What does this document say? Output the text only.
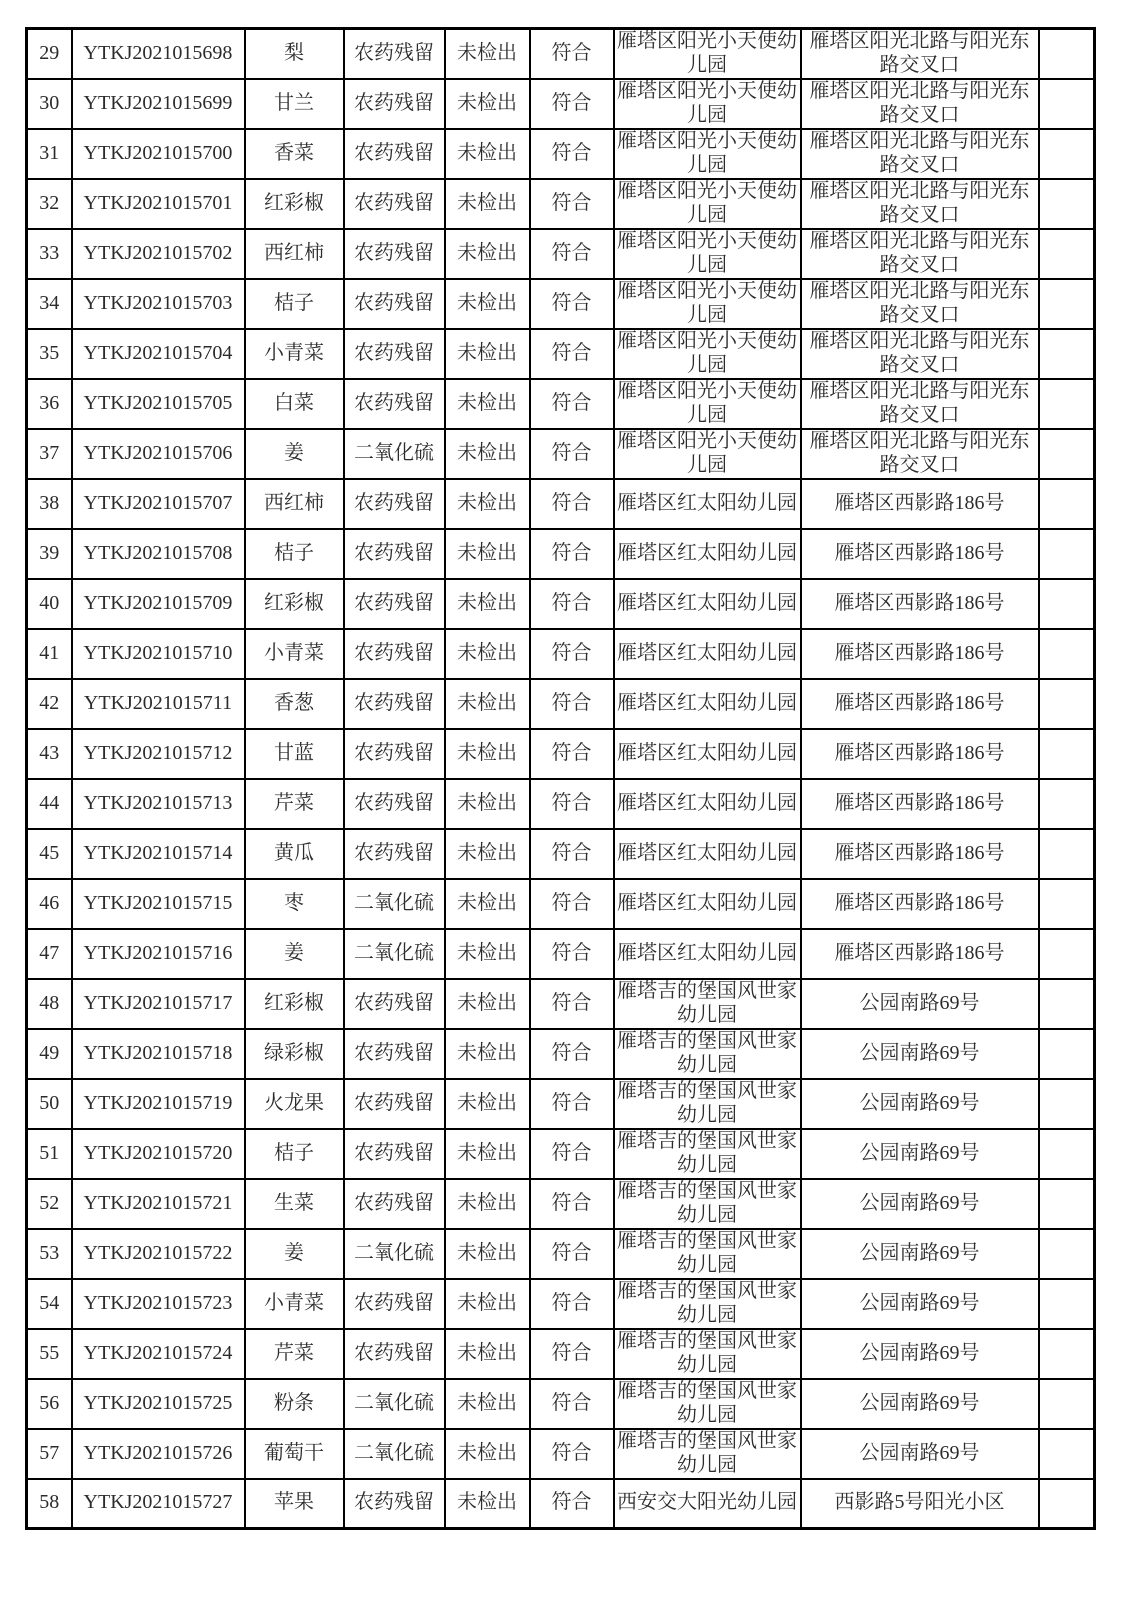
29	YTKJ2021015698	梨	农药残留	未检出	符合	雁塔区阳光小天使幼儿园	雁塔区阳光北路与阳光东路交叉口	
30	YTKJ2021015699	甘兰	农药残留	未检出	符合	雁塔区阳光小天使幼儿园	雁塔区阳光北路与阳光东路交叉口	
31	YTKJ2021015700	香菜	农药残留	未检出	符合	雁塔区阳光小天使幼儿园	雁塔区阳光北路与阳光东路交叉口	
32	YTKJ2021015701	红彩椒	农药残留	未检出	符合	雁塔区阳光小天使幼儿园	雁塔区阳光北路与阳光东路交叉口	
33	YTKJ2021015702	西红柿	农药残留	未检出	符合	雁塔区阳光小天使幼儿园	雁塔区阳光北路与阳光东路交叉口	
34	YTKJ2021015703	桔子	农药残留	未检出	符合	雁塔区阳光小天使幼儿园	雁塔区阳光北路与阳光东路交叉口	
35	YTKJ2021015704	小青菜	农药残留	未检出	符合	雁塔区阳光小天使幼儿园	雁塔区阳光北路与阳光东路交叉口	
36	YTKJ2021015705	白菜	农药残留	未检出	符合	雁塔区阳光小天使幼儿园	雁塔区阳光北路与阳光东路交叉口	
37	YTKJ2021015706	姜	二氧化硫	未检出	符合	雁塔区阳光小天使幼儿园	雁塔区阳光北路与阳光东路交叉口	
38	YTKJ2021015707	西红柿	农药残留	未检出	符合	雁塔区红太阳幼儿园	雁塔区西影路186号	
39	YTKJ2021015708	桔子	农药残留	未检出	符合	雁塔区红太阳幼儿园	雁塔区西影路186号	
40	YTKJ2021015709	红彩椒	农药残留	未检出	符合	雁塔区红太阳幼儿园	雁塔区西影路186号	
41	YTKJ2021015710	小青菜	农药残留	未检出	符合	雁塔区红太阳幼儿园	雁塔区西影路186号	
42	YTKJ2021015711	香葱	农药残留	未检出	符合	雁塔区红太阳幼儿园	雁塔区西影路186号	
43	YTKJ2021015712	甘蓝	农药残留	未检出	符合	雁塔区红太阳幼儿园	雁塔区西影路186号	
44	YTKJ2021015713	芹菜	农药残留	未检出	符合	雁塔区红太阳幼儿园	雁塔区西影路186号	
45	YTKJ2021015714	黄瓜	农药残留	未检出	符合	雁塔区红太阳幼儿园	雁塔区西影路186号	
46	YTKJ2021015715	枣	二氧化硫	未检出	符合	雁塔区红太阳幼儿园	雁塔区西影路186号	
47	YTKJ2021015716	姜	二氧化硫	未检出	符合	雁塔区红太阳幼儿园	雁塔区西影路186号	
48	YTKJ2021015717	红彩椒	农药残留	未检出	符合	雁塔吉的堡国风世家幼儿园	公园南路69号	
49	YTKJ2021015718	绿彩椒	农药残留	未检出	符合	雁塔吉的堡国风世家幼儿园	公园南路69号	
50	YTKJ2021015719	火龙果	农药残留	未检出	符合	雁塔吉的堡国风世家幼儿园	公园南路69号	
51	YTKJ2021015720	桔子	农药残留	未检出	符合	雁塔吉的堡国风世家幼儿园	公园南路69号	
52	YTKJ2021015721	生菜	农药残留	未检出	符合	雁塔吉的堡国风世家幼儿园	公园南路69号	
53	YTKJ2021015722	姜	二氧化硫	未检出	符合	雁塔吉的堡国风世家幼儿园	公园南路69号	
54	YTKJ2021015723	小青菜	农药残留	未检出	符合	雁塔吉的堡国风世家幼儿园	公园南路69号	
55	YTKJ2021015724	芹菜	农药残留	未检出	符合	雁塔吉的堡国风世家幼儿园	公园南路69号	
56	YTKJ2021015725	粉条	二氧化硫	未检出	符合	雁塔吉的堡国风世家幼儿园	公园南路69号	
57	YTKJ2021015726	葡萄干	二氧化硫	未检出	符合	雁塔吉的堡国风世家幼儿园	公园南路69号	
58	YTKJ2021015727	苹果	农药残留	未检出	符合	西安交大阳光幼儿园	西影路5号阳光小区	
